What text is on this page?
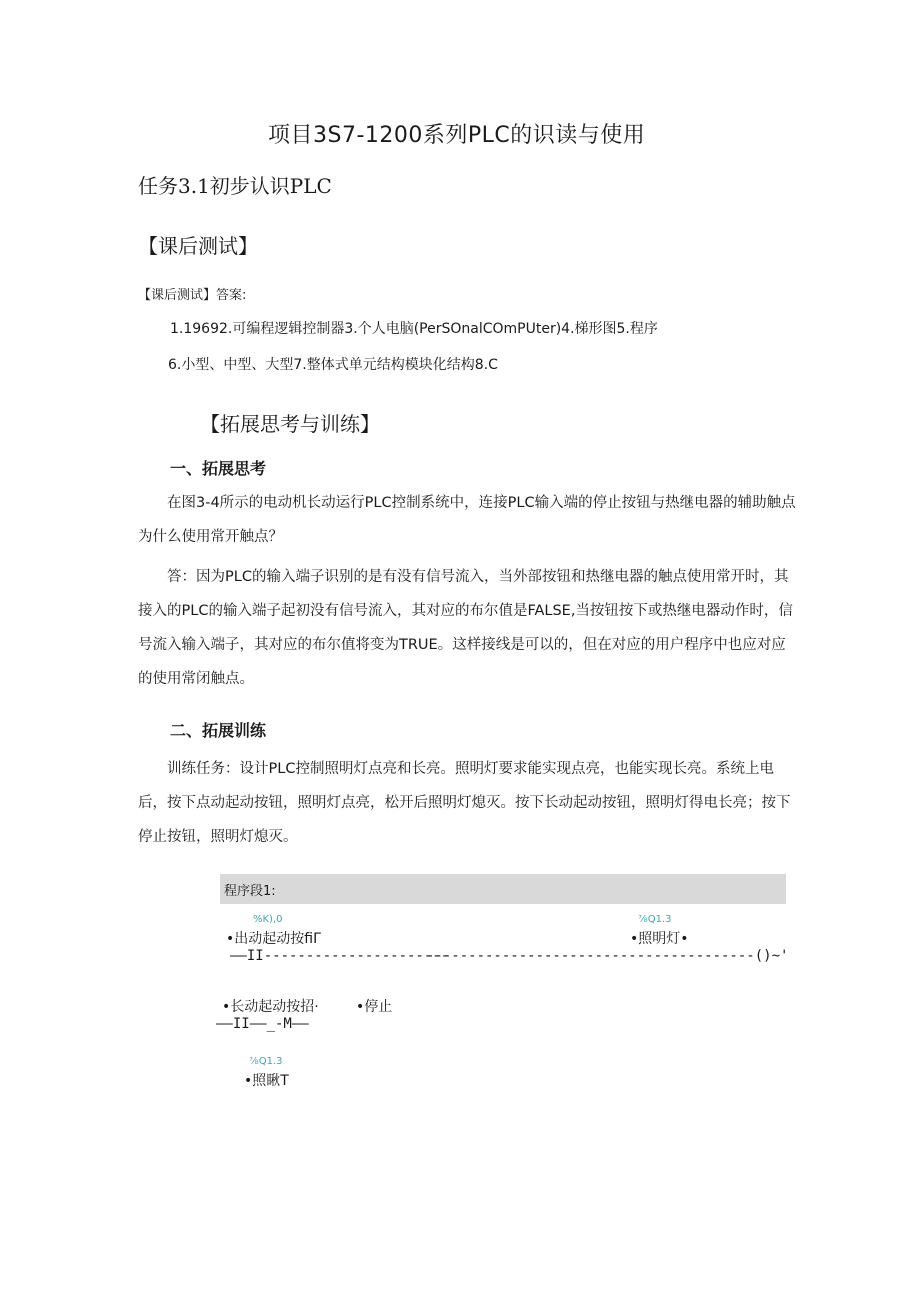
项目3S7-1200系列PLC的识读与使用
任务3.1初步认识PLC
【课后测试】
【课后测试】答案:
1.19692.可编程逻辑控制器3.个人电脑(PerSOnalCOmPUter)4.梯形图5.程序
6.小型、中型、大型7.整体式单元结构模块化结构8.C
【拓展思考与训练】
一、拓展思考
在图3-4所示的电动机长动运行PLC控制系统中，连接PLC输入端的停止按钮与热继电器的辅助触点为什么使用常开触点？
答：因为PLC的输入端子识别的是有没有信号流入，当外部按钮和热继电器的触点使用常开时，其接入的PLC的输入端子起初没有信号流入，其对应的布尔值是FALSE,当按钮按下或热继电器动作时，信号流入输入端子，其对应的布尔值将变为TRUE。这样接线是可以的，但在对应的用户程序中也应对应的使用常闭触点。
二、拓展训练
训练任务：设计PLC控制照明灯点亮和长亮。照明灯要求能实现点亮，也能实现长亮。系统上电后，按下点动起动按钮，照明灯点亮，松开后照明灯熄灭。按下长动起动按钮，照明灯得电长亮；按下停止按钮，照明灯熄灭。
程序段1:
%K),0
•出动起动按fiΓ
⅞Q1.3
•照明灯•
——II----------------------
---------------------------------------()~'
•长动起动按招·	•停止
——II——_-M——
⅞Q1.3
•照瞅T
